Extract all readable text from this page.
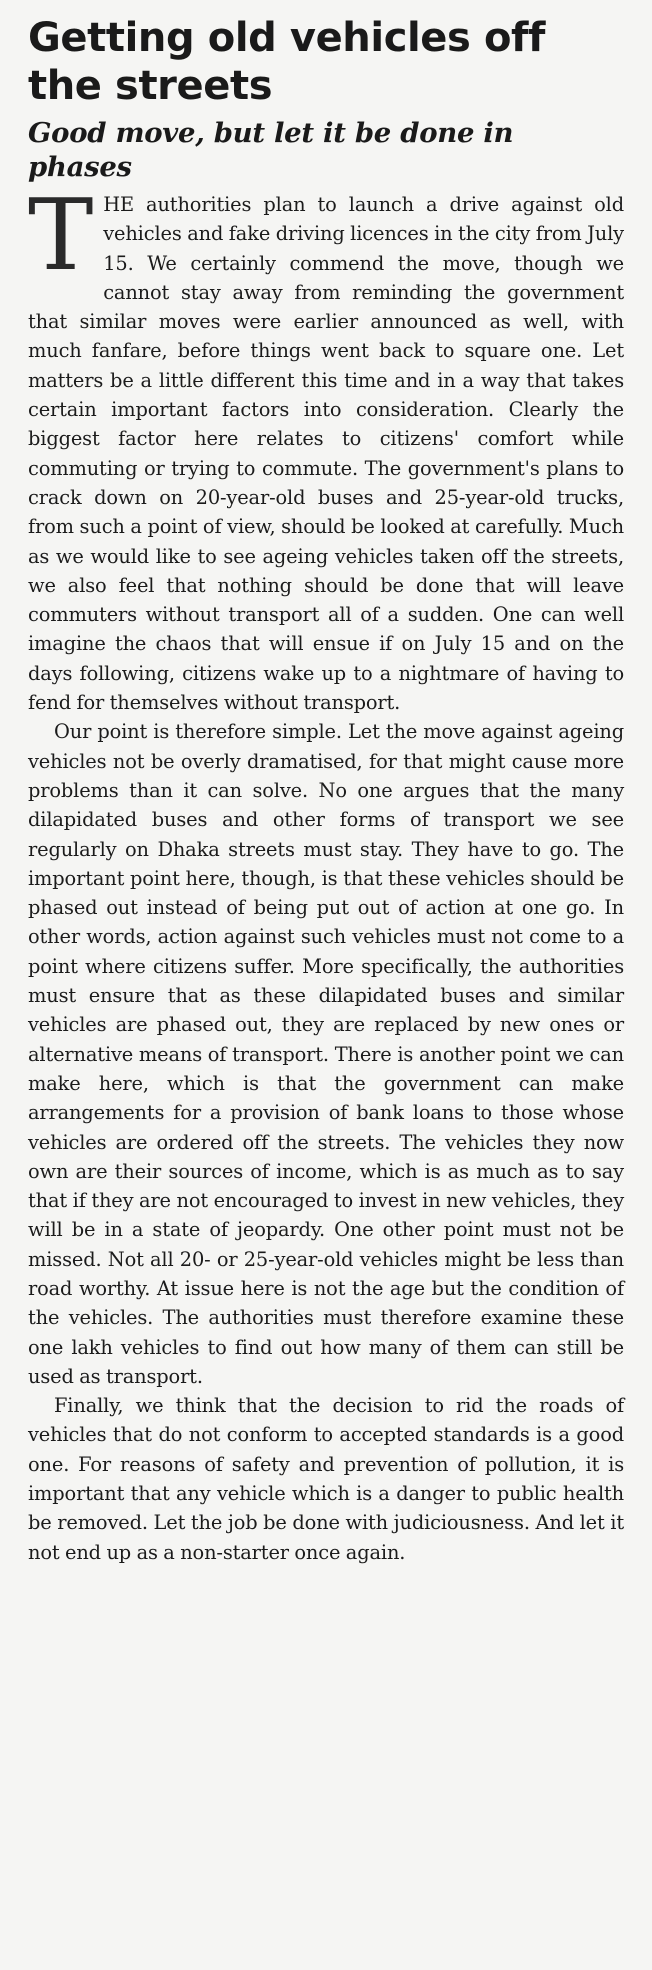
Getting old vehicles off the streets
Good move, but let it be done in phases

T HE authorities plan to launch a drive against old vehicles and fake driving licences in the city from July 15. We certainly commend the move, though we cannot stay away from reminding the government that similar moves were earlier announced as well, with much fanfare, before things went back to square one. Let matters be a little different this time and in a way that takes certain important factors into consideration. Clearly the biggest factor here relates to citizens' comfort while commuting or trying to commute. The government's plans to crack down on 20-year-old buses and 25-year-old trucks, from such a point of view, should be looked at carefully. Much as we would like to see ageing vehicles taken off the streets, we also feel that nothing should be done that will leave commuters without transport all of a sudden. One can well imagine the chaos that will ensue if on July 15 and on the days following, citizens wake up to a nightmare of having to fend for themselves without transport.

Our point is therefore simple. Let the move against ageing vehicles not be overly dramatised, for that might cause more problems than it can solve. No one argues that the many dilapidated buses and other forms of transport we see regularly on Dhaka streets must stay. They have to go. The important point here, though, is that these vehicles should be phased out instead of being put out of action at one go. In other words, action against such vehicles must not come to a point where citizens suffer. More specifically, the authorities must ensure that as these dilapidated buses and similar vehicles are phased out, they are replaced by new ones or alternative means of transport. There is another point we can make here, which is that the government can make arrangements for a provision of bank loans to those whose vehicles are ordered off the streets. The vehicles they now own are their sources of income, which is as much as to say that if they are not encouraged to invest in new vehicles, they will be in a state of jeopardy. One other point must not be missed. Not all 20- or 25-year-old vehicles might be less than road worthy. At issue here is not the age but the condition of the vehicles. The authorities must therefore examine these one lakh vehicles to find out how many of them can still be used as transport.

Finally, we think that the decision to rid the roads of vehicles that do not conform to accepted standards is a good one. For reasons of safety and prevention of pollution, it is important that any vehicle which is a danger to public health be removed. Let the job be done with judiciousness. And let it not end up as a non-starter once again.
